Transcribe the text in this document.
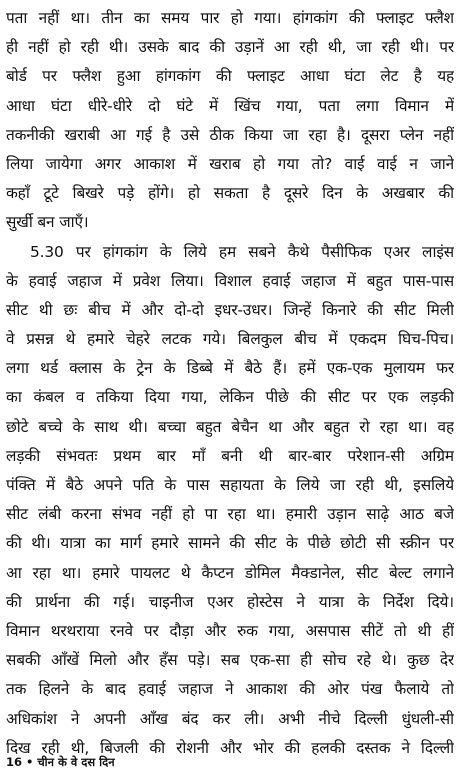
पता नहीं था। तीन का समय पार हो गया। हांगकांग की फ्लाइट फ्लैश
ही नहीं हो रही थी। उसके बाद की उड़ानें आ रही थी, जा रही थी। पर
बोर्ड पर फ्लैश हुआ हांगकांग की फ्लाइट आधा घंटा लेट है यह
आधा घंटा धीरे-धीरे दो घंटे में खिंच गया, पता लगा विमान में
तकनीकी खराबी आ गई है उसे ठीक किया जा रहा है। दूसरा प्लेन नहीं
लिया जायेगा अगर आकाश में खराब हो गया तो? वाई वाई न जाने
कहाँ टूटे बिखरे पड़े होंगे। हो सकता है दूसरे दिन के अखबार की
सुर्खी बन जाएँ।
5.30 पर हांगकांग के लिये हम सबने कैथे पैसीफिक एअर लाइंस
के हवाई जहाज में प्रवेश लिया। विशाल हवाई जहाज में बहुत पास-पास
सीट थी छः बीच में और दो-दो इधर-उधर। जिन्हें किनारे की सीट मिली
वे प्रसन्न थे हमारे चेहरे लटक गये। बिलकुल बीच में एकदम घिच-पिच।
लगा थर्ड क्लास के ट्रेन के डिब्बे में बैठे हैं। हमें एक-एक मुलायम फर
का कंबल व तकिया दिया गया, लेकिन पीछे की सीट पर एक लड़की
छोटे बच्चे के साथ थी। बच्चा बहुत बेचैन था और बहुत रो रहा था। वह
लड़की संभवतः प्रथम बार माँ बनी थी बार-बार परेशान-सी अग्रिम
पंक्ति में बैठे अपने पति के पास सहायता के लिये जा रही थी, इसलिये
सीट लंबी करना संभव नहीं हो पा रहा था। हमारी उड़ान साढ़े आठ बजे
की थी। यात्रा का मार्ग हमारे सामने की सीट के पीछे छोटी सी स्क्रीन पर
आ रहा था। हमारे पायलट थे कैप्टन डोमिल मैक्डानेल, सीट बेल्ट लगाने
की प्रार्थना की गई। चाइनीज एअर होस्टेस ने यात्रा के निर्देश दिये।
विमान थरथराया रनवे पर दौड़ा और रुक गया, असपास सीटें तो थी हीं
सबकी आँखें मिलो और हँस पड़े। सब एक-सा ही सोच रहे थे। कुछ देर
तक हिलने के बाद हवाई जहाज ने आकाश की ओर पंख फैलाये तो
अधिकांश ने अपनी आँख बंद कर ली। अभी नीचे दिल्ली धुंधली-सी
दिख रही थी, बिजली की रोशनी और भोर की हलकी दस्तक ने दिल्ली
16 • चीन के वे दस दिन
